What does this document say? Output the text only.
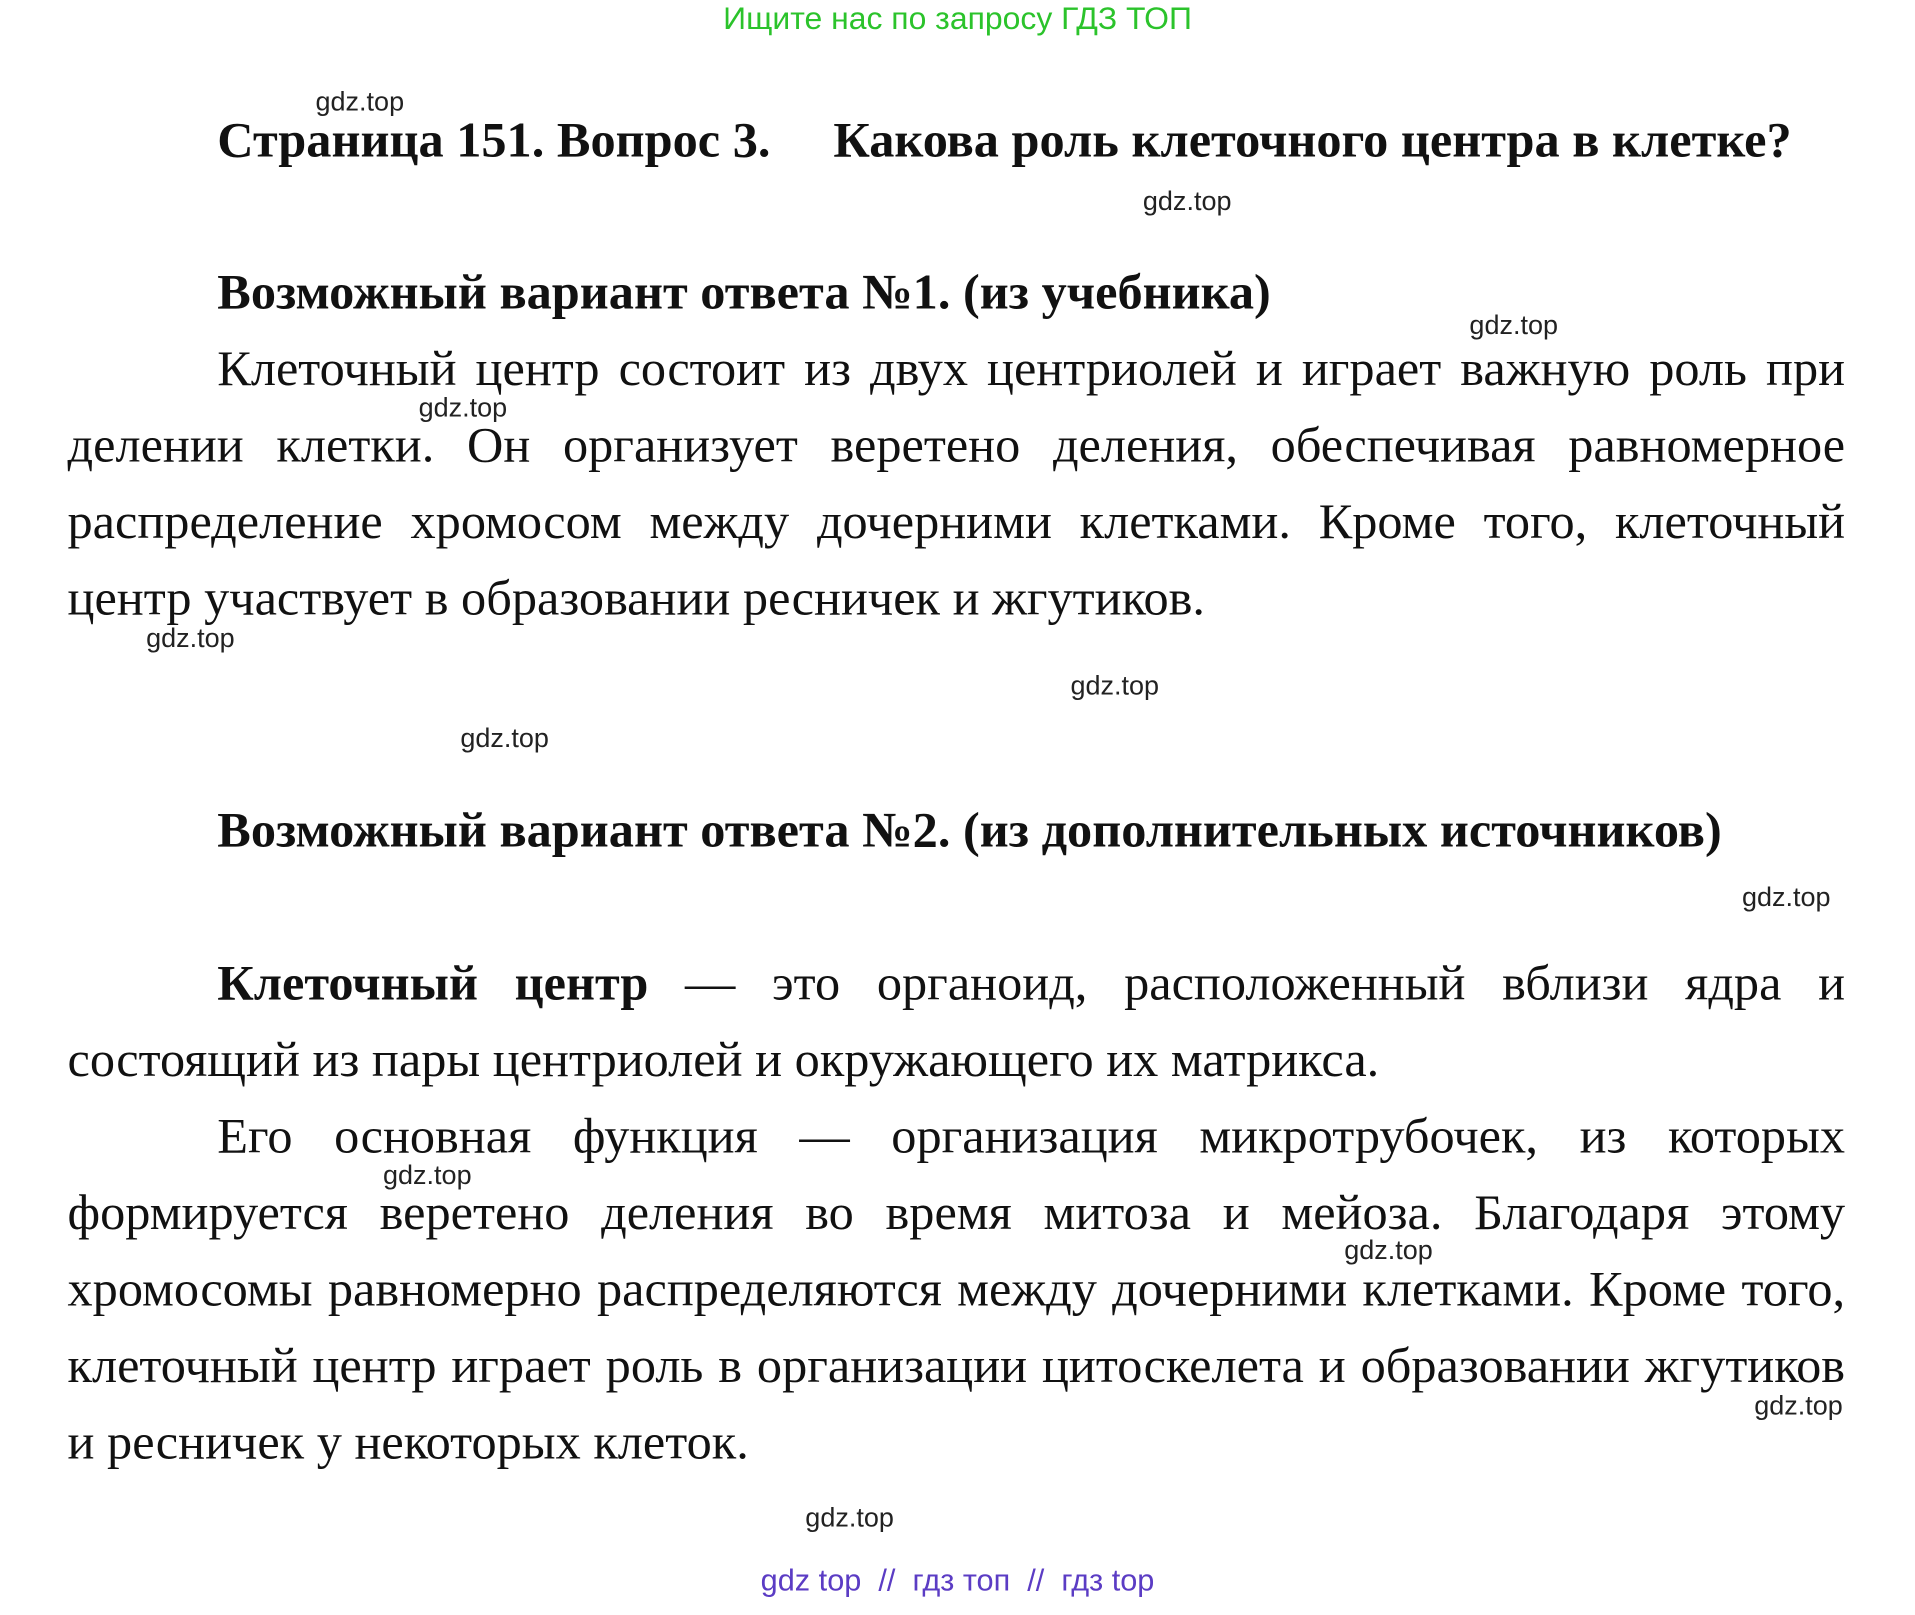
Ищите нас по запросу ГДЗ ТОП
Страница 151. Вопрос 3. Какова роль клеточного центра в клетке?
Возможный вариант ответа №1. (из учебника)
Клеточный центр состоит из двух центриолей и играет важную роль при делении клетки. Он организует веретено деления, обеспечивая равномерное распределение хромосом между дочерними клетками. Кроме того, клеточный центр участвует в образовании ресничек и жгутиков.
Возможный вариант ответа №2. (из дополнительных источников)
Клеточный центр — это органоид, расположенный вблизи ядра и состоящий из пары центриолей и окружающего их матрикса.
Его основная функция — организация микротрубочек, из которых формируется веретено деления во время митоза и мейоза. Благодаря этому хромосомы равномерно распределяются между дочерними клетками. Кроме того, клеточный центр играет роль в организации цитоскелета и образовании жгутиков и ресничек у некоторых клеток.
gdz.top
gdz.top
gdz.top
gdz.top
gdz.top
gdz.top
gdz.top
gdz.top
gdz.top
gdz.top
gdz.top
gdz.top
gdz top  //  гдз топ  //  гдз top
